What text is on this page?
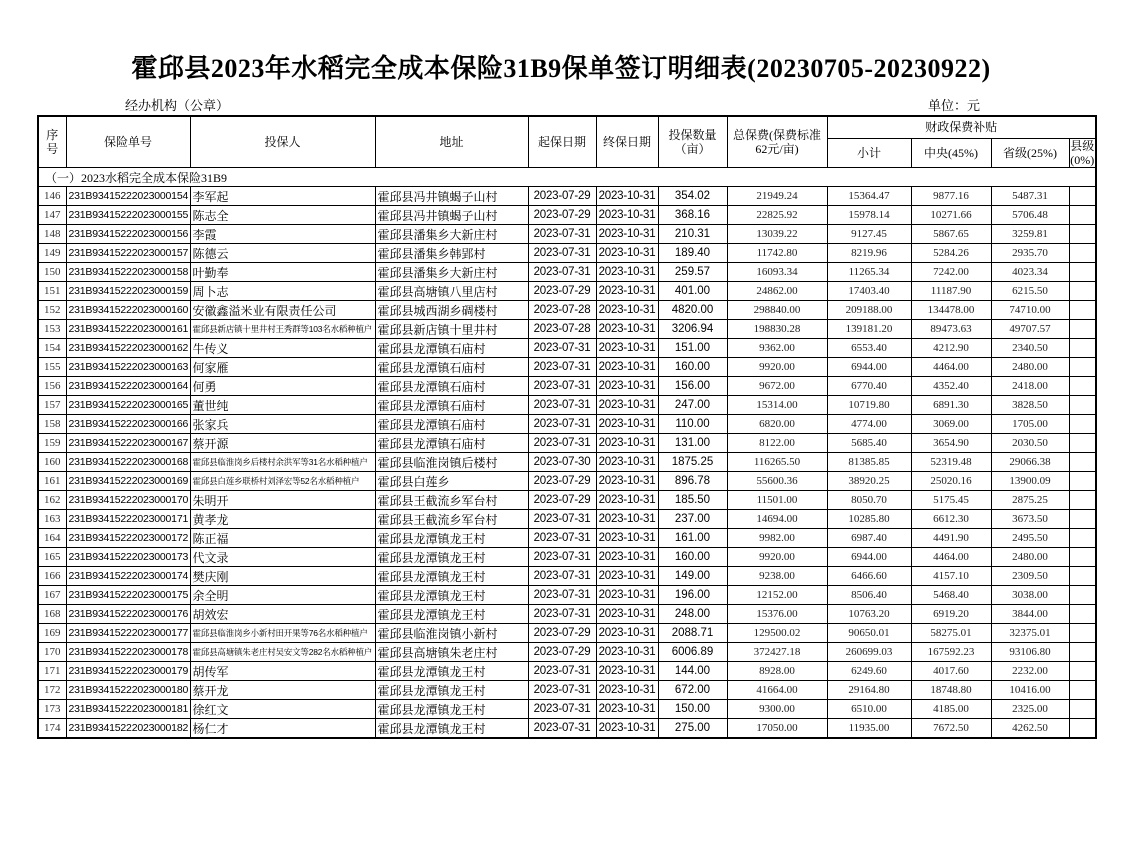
霍邱县2023年水稻完全成本保险31B9保单签订明细表(20230705-20230922)
经办机构（公章）	单位：元
序号	保险单号	投保人	地址	起保日期	终保日期	投保数量（亩）	总保费(保费标准62元/亩)	财政保费补贴			
								小计	中央(45%)	省级(25%)	县级(0%)
（一）2023水稻完全成本保险31B9											
146	231B93415222023000154	李军起	霍邱县冯井镇蝎子山村	2023-07-29	2023-10-31	354.02	21949.24	15364.47	9877.16	5487.31	
147	231B93415222023000155	陈志全	霍邱县冯井镇蝎子山村	2023-07-29	2023-10-31	368.16	22825.92	15978.14	10271.66	5706.48	
148	231B93415222023000156	李霞	霍邱县潘集乡大新庄村	2023-07-31	2023-10-31	210.31	13039.22	9127.45	5867.65	3259.81	
149	231B93415222023000157	陈德云	霍邱县潘集乡韩郢村	2023-07-31	2023-10-31	189.40	11742.80	8219.96	5284.26	2935.70	
150	231B93415222023000158	叶勤奉	霍邱县潘集乡大新庄村	2023-07-31	2023-10-31	259.57	16093.34	11265.34	7242.00	4023.34	
151	231B93415222023000159	周卜志	霍邱县高塘镇八里店村	2023-07-29	2023-10-31	401.00	24862.00	17403.40	11187.90	6215.50	
152	231B93415222023000160	安徽鑫溢米业有限责任公司	霍邱县城西湖乡碉楼村	2023-07-28	2023-10-31	4820.00	298840.00	209188.00	134478.00	74710.00	
153	231B93415222023000161	霍邱县新店镇十里井村王秀群等103名水稻种植户	霍邱县新店镇十里井村	2023-07-28	2023-10-31	3206.94	198830.28	139181.20	89473.63	49707.57	
154	231B93415222023000162	牛传义	霍邱县龙潭镇石庙村	2023-07-31	2023-10-31	151.00	9362.00	6553.40	4212.90	2340.50	
155	231B93415222023000163	何家雁	霍邱县龙潭镇石庙村	2023-07-31	2023-10-31	160.00	9920.00	6944.00	4464.00	2480.00	
156	231B93415222023000164	何勇	霍邱县龙潭镇石庙村	2023-07-31	2023-10-31	156.00	9672.00	6770.40	4352.40	2418.00	
157	231B93415222023000165	董世纯	霍邱县龙潭镇石庙村	2023-07-31	2023-10-31	247.00	15314.00	10719.80	6891.30	3828.50	
158	231B93415222023000166	张家兵	霍邱县龙潭镇石庙村	2023-07-31	2023-10-31	110.00	6820.00	4774.00	3069.00	1705.00	
159	231B93415222023000167	蔡开源	霍邱县龙潭镇石庙村	2023-07-31	2023-10-31	131.00	8122.00	5685.40	3654.90	2030.50	
160	231B93415222023000168	霍邱县临淮岗乡后楼村余洪军等31名水稻种植户	霍邱县临淮岗镇后楼村	2023-07-30	2023-10-31	1875.25	116265.50	81385.85	52319.48	29066.38	
161	231B93415222023000169	霍邱县白莲乡联桥村刘泽宏等52名水稻种植户	霍邱县白莲乡	2023-07-29	2023-10-31	896.78	55600.36	38920.25	25020.16	13900.09	
162	231B93415222023000170	朱明开	霍邱县王截流乡军台村	2023-07-29	2023-10-31	185.50	11501.00	8050.70	5175.45	2875.25	
163	231B93415222023000171	黄孝龙	霍邱县王截流乡军台村	2023-07-31	2023-10-31	237.00	14694.00	10285.80	6612.30	3673.50	
164	231B93415222023000172	陈正福	霍邱县龙潭镇龙王村	2023-07-31	2023-10-31	161.00	9982.00	6987.40	4491.90	2495.50	
165	231B93415222023000173	代文录	霍邱县龙潭镇龙王村	2023-07-31	2023-10-31	160.00	9920.00	6944.00	4464.00	2480.00	
166	231B93415222023000174	樊庆刚	霍邱县龙潭镇龙王村	2023-07-31	2023-10-31	149.00	9238.00	6466.60	4157.10	2309.50	
167	231B93415222023000175	余全明	霍邱县龙潭镇龙王村	2023-07-31	2023-10-31	196.00	12152.00	8506.40	5468.40	3038.00	
168	231B93415222023000176	胡效宏	霍邱县龙潭镇龙王村	2023-07-31	2023-10-31	248.00	15376.00	10763.20	6919.20	3844.00	
169	231B93415222023000177	霍邱县临淮岗乡小新村田开果等76名水稻种植户	霍邱县临淮岗镇小新村	2023-07-29	2023-10-31	2088.71	129500.02	90650.01	58275.01	32375.01	
170	231B93415222023000178	霍邱县高塘镇朱老庄村吴安文等282名水稻种植户	霍邱县高塘镇朱老庄村	2023-07-29	2023-10-31	6006.89	372427.18	260699.03	167592.23	93106.80	
171	231B93415222023000179	胡传军	霍邱县龙潭镇龙王村	2023-07-31	2023-10-31	144.00	8928.00	6249.60	4017.60	2232.00	
172	231B93415222023000180	蔡开龙	霍邱县龙潭镇龙王村	2023-07-31	2023-10-31	672.00	41664.00	29164.80	18748.80	10416.00	
173	231B93415222023000181	徐红文	霍邱县龙潭镇龙王村	2023-07-31	2023-10-31	150.00	9300.00	6510.00	4185.00	2325.00	
174	231B93415222023000182	杨仁才	霍邱县龙潭镇龙王村	2023-07-31	2023-10-31	275.00	17050.00	11935.00	7672.50	4262.50	
